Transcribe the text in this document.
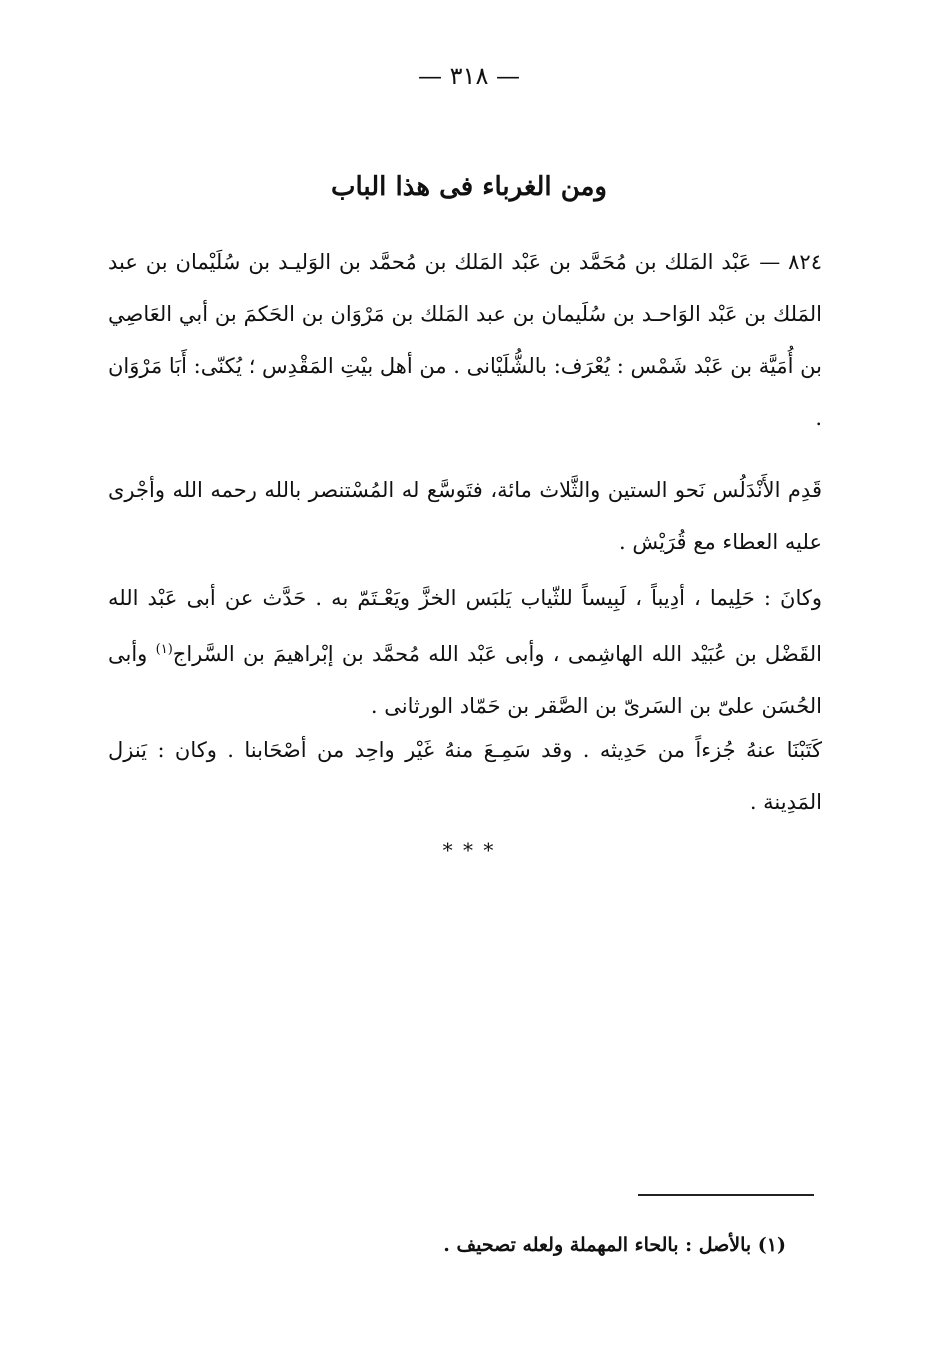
— ٣١٨ —
ومن الغرباء فى هذا الباب

٨٢٤ — عَبْد المَلك بن مُحَمَّد بن عَبْد المَلك بن مُحمَّد بن الوَليـد بن سُلَيْمان بن عبد المَلك بن عَبْد الوَاحـد بن سُلَيمان بن عبد المَلك بن مَرْوَان بن الحَكمَ بن أبي العَاصِي بن أُمَيَّة بن عَبْد شَمْس : يُعْرَف: بالشُّلَيْانى . من أهل بيْتِ المَقْدِس ؛ يُكنّى: أَبَا مَرْوَان .

قَدِم الأَنْدَلُس نَحو الستين والثَّلاث مائة، فتَوسَّع له المُسْتنصر بالله رحمه الله وأجْرى عليه العطاء مع قُرَيْش .

وكانَ : حَلِيما ، أدِيباً ، لَبِيساً للثّياب يَلبَس الخزَّ ويَعْـتَمّ به . حَدَّث عن أبى عَبْد الله القَضْل بن عُبَيْد الله الهاشِمى ، وأبى عَبْد الله مُحمَّد بن إبْراهيمَ بن السَّراج$^{(١)}$ وأبى الحُسَن علىّ بن السَرىّ بن الصَّقر بن حَمّاد الورثانى .

كَتَبْنَا عنهُ جُزءاً من حَدِيثه . وقد سَمِـعَ منهُ غَيْر واحِد من أصْحَابنا . وكان : يَنزل المَدِينة .

* * *

(١) بالأصل : بالحاء المهملة ولعله تصحيف .
